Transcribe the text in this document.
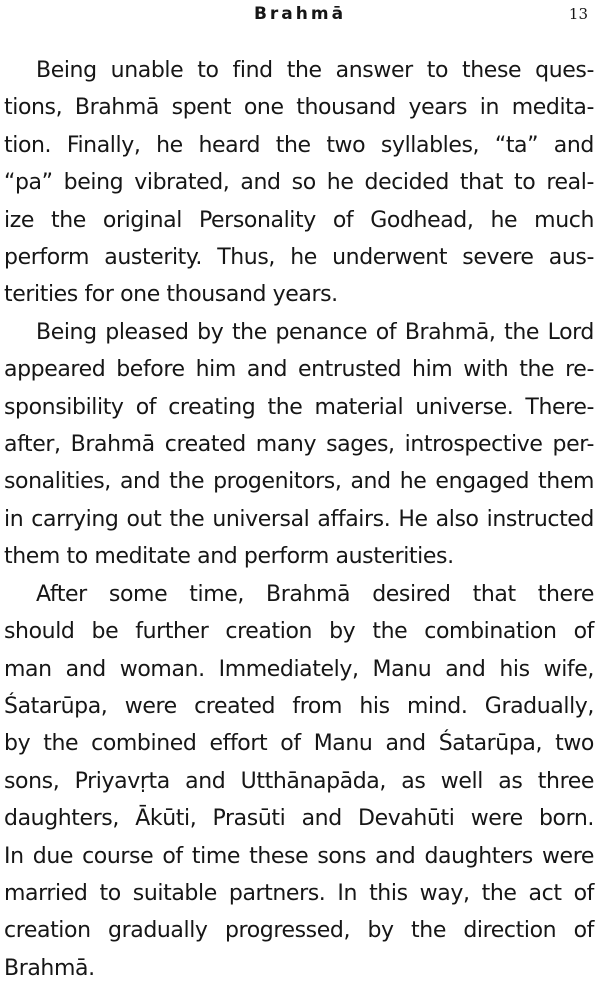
Brahmā	13
Being unable to find the answer to these ques-
tions, Brahmā spent one thousand years in medita-
tion. Finally, he heard the two syllables, “ta” and
“pa” being vibrated, and so he decided that to real-
ize the original Personality of Godhead, he much
perform austerity. Thus, he underwent severe aus-
terities for one thousand years.
Being pleased by the penance of Brahmā, the Lord
appeared before him and entrusted him with the re-
sponsibility of creating the material universe. There-
after, Brahmā created many sages, introspective per-
sonalities, and the progenitors, and he engaged them
in carrying out the universal affairs. He also instructed
them to meditate and perform austerities.
After some time, Brahmā desired that there
should be further creation by the combination of
man and woman. Immediately, Manu and his wife,
Śatarūpa, were created from his mind. Gradually,
by the combined effort of Manu and Śatarūpa, two
sons, Priyavṛta and Utthānapāda, as well as three
daughters, Ākūti, Prasūti and Devahūti were born.
In due course of time these sons and daughters were
married to suitable partners. In this way, the act of
creation gradually progressed, by the direction of
Brahmā.
